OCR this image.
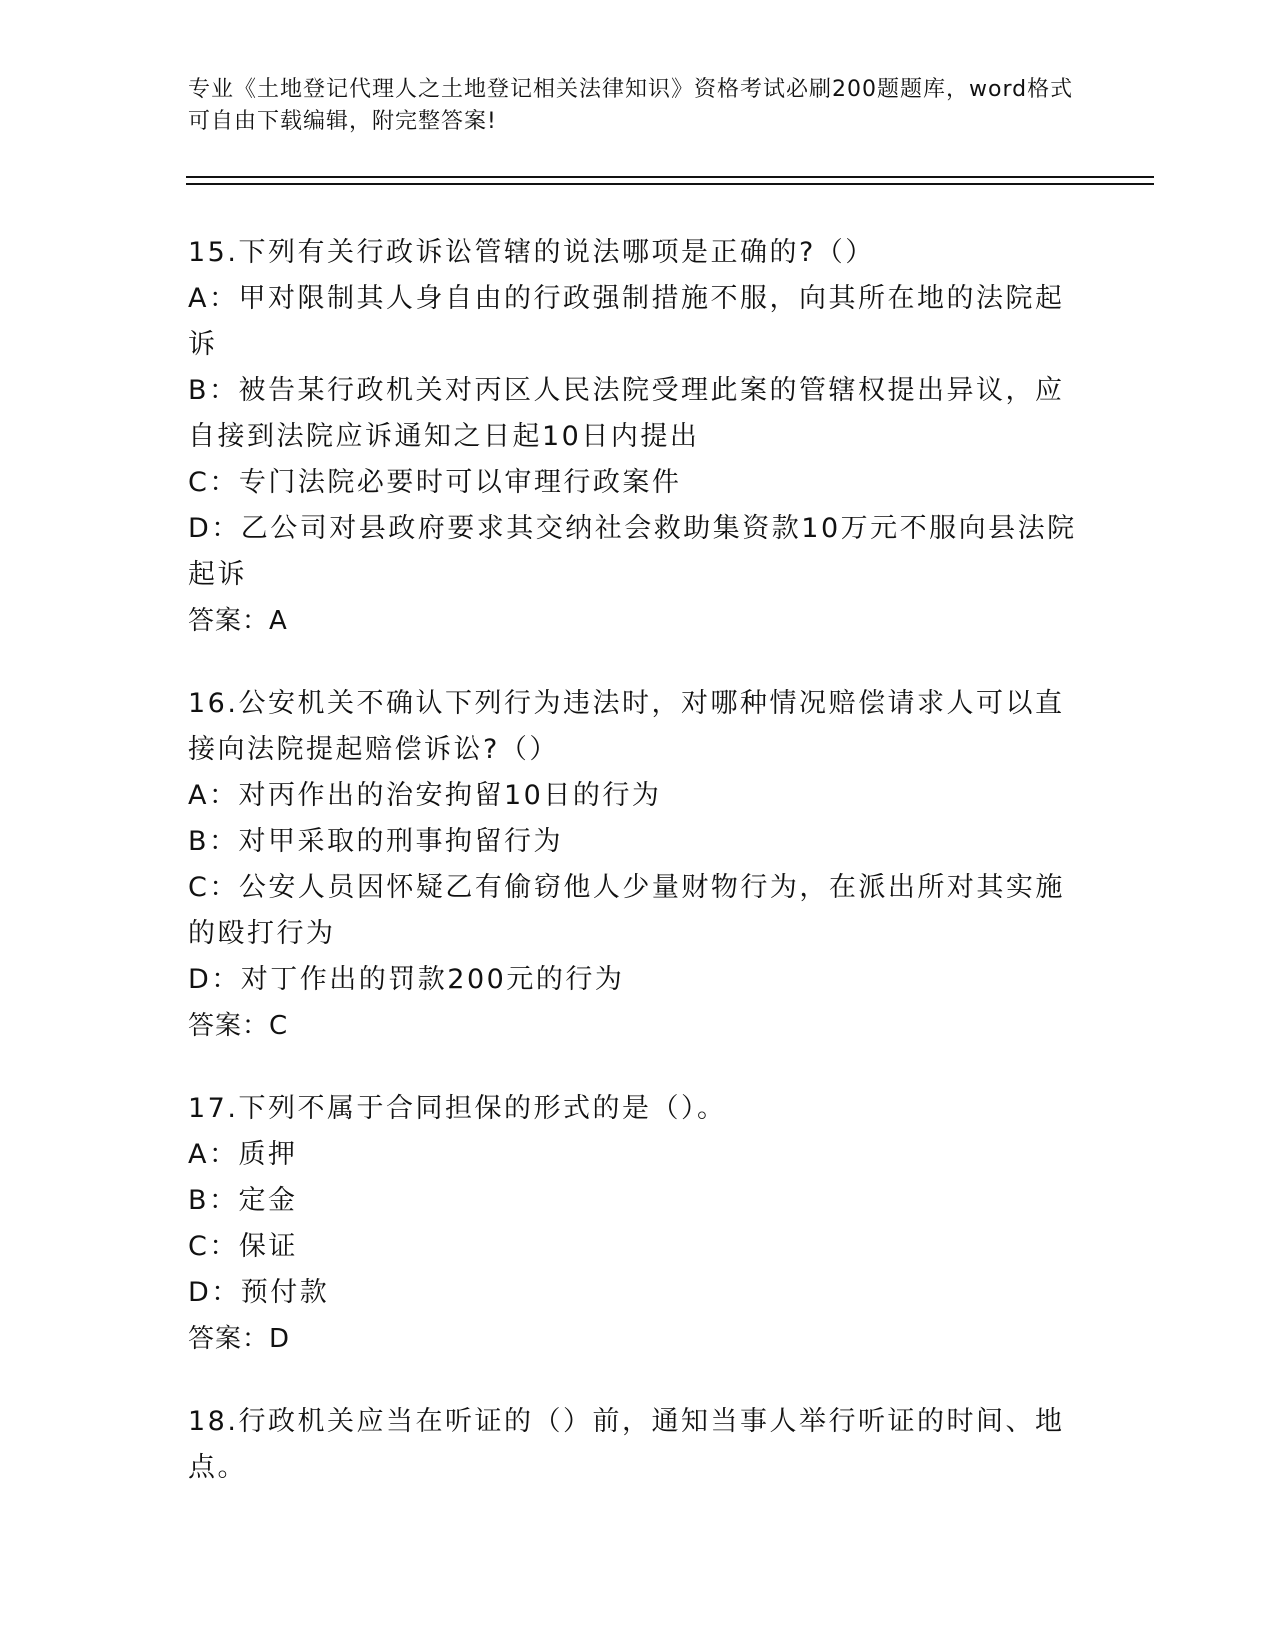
专业《土地登记代理人之土地登记相关法律知识》资格考试必刷200题题库，word格式可自由下载编辑，附完整答案!
15.下列有关行政诉讼管辖的说法哪项是正确的?（）
A：甲对限制其人身自由的行政强制措施不服，向其所在地的法院起诉
B：被告某行政机关对丙区人民法院受理此案的管辖权提出异议，应自接到法院应诉通知之日起10日内提出
C：专门法院必要时可以审理行政案件
D：乙公司对县政府要求其交纳社会救助集资款10万元不服向县法院起诉
答案：A
16.公安机关不确认下列行为违法时，对哪种情况赔偿请求人可以直接向法院提起赔偿诉讼?（）
A：对丙作出的治安拘留10日的行为
B：对甲采取的刑事拘留行为
C：公安人员因怀疑乙有偷窃他人少量财物行为，在派出所对其实施的殴打行为
D：对丁作出的罚款200元的行为
答案：C
17.下列不属于合同担保的形式的是（）。
A：质押
B：定金
C：保证
D：预付款
答案：D
18.行政机关应当在听证的（）前，通知当事人举行听证的时间、地点。
